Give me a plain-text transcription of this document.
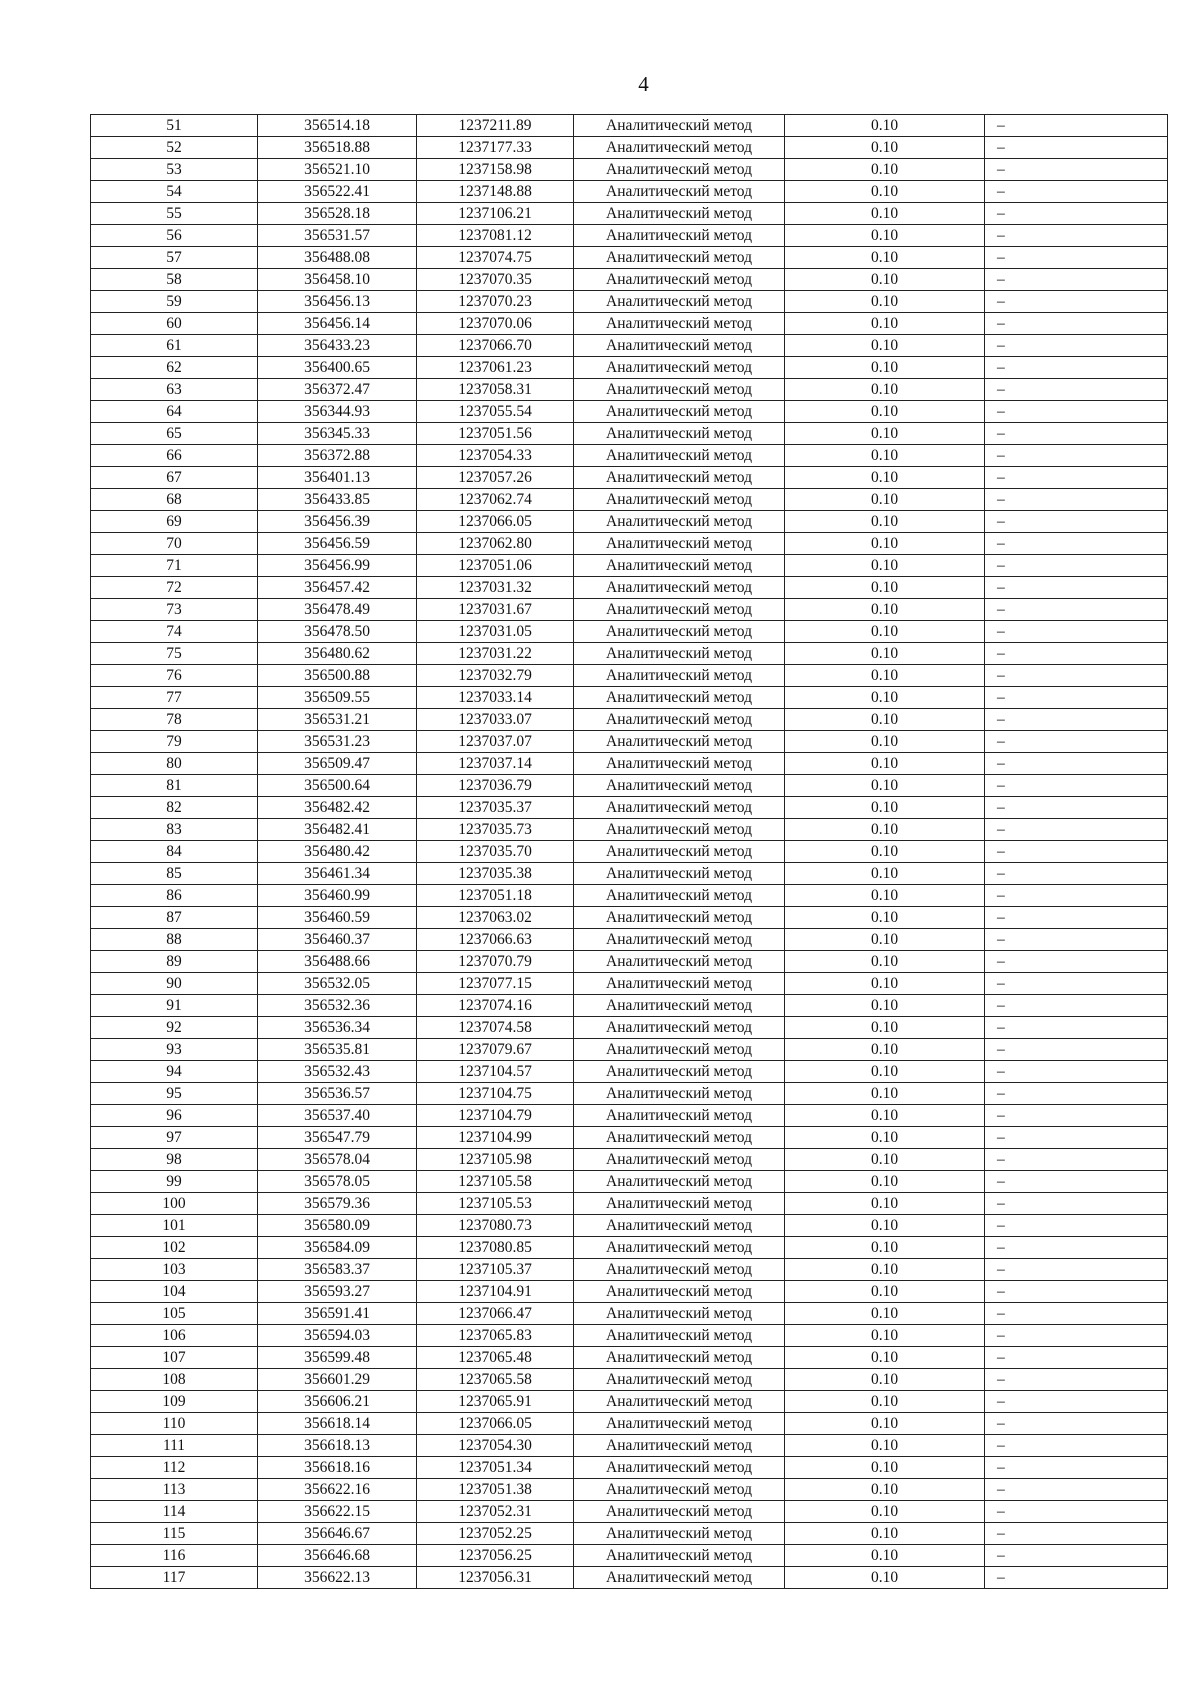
4
51	356514.18	1237211.89	Аналитический метод	0.10	–
52	356518.88	1237177.33	Аналитический метод	0.10	–
53	356521.10	1237158.98	Аналитический метод	0.10	–
54	356522.41	1237148.88	Аналитический метод	0.10	–
55	356528.18	1237106.21	Аналитический метод	0.10	–
56	356531.57	1237081.12	Аналитический метод	0.10	–
57	356488.08	1237074.75	Аналитический метод	0.10	–
58	356458.10	1237070.35	Аналитический метод	0.10	–
59	356456.13	1237070.23	Аналитический метод	0.10	–
60	356456.14	1237070.06	Аналитический метод	0.10	–
61	356433.23	1237066.70	Аналитический метод	0.10	–
62	356400.65	1237061.23	Аналитический метод	0.10	–
63	356372.47	1237058.31	Аналитический метод	0.10	–
64	356344.93	1237055.54	Аналитический метод	0.10	–
65	356345.33	1237051.56	Аналитический метод	0.10	–
66	356372.88	1237054.33	Аналитический метод	0.10	–
67	356401.13	1237057.26	Аналитический метод	0.10	–
68	356433.85	1237062.74	Аналитический метод	0.10	–
69	356456.39	1237066.05	Аналитический метод	0.10	–
70	356456.59	1237062.80	Аналитический метод	0.10	–
71	356456.99	1237051.06	Аналитический метод	0.10	–
72	356457.42	1237031.32	Аналитический метод	0.10	–
73	356478.49	1237031.67	Аналитический метод	0.10	–
74	356478.50	1237031.05	Аналитический метод	0.10	–
75	356480.62	1237031.22	Аналитический метод	0.10	–
76	356500.88	1237032.79	Аналитический метод	0.10	–
77	356509.55	1237033.14	Аналитический метод	0.10	–
78	356531.21	1237033.07	Аналитический метод	0.10	–
79	356531.23	1237037.07	Аналитический метод	0.10	–
80	356509.47	1237037.14	Аналитический метод	0.10	–
81	356500.64	1237036.79	Аналитический метод	0.10	–
82	356482.42	1237035.37	Аналитический метод	0.10	–
83	356482.41	1237035.73	Аналитический метод	0.10	–
84	356480.42	1237035.70	Аналитический метод	0.10	–
85	356461.34	1237035.38	Аналитический метод	0.10	–
86	356460.99	1237051.18	Аналитический метод	0.10	–
87	356460.59	1237063.02	Аналитический метод	0.10	–
88	356460.37	1237066.63	Аналитический метод	0.10	–
89	356488.66	1237070.79	Аналитический метод	0.10	–
90	356532.05	1237077.15	Аналитический метод	0.10	–
91	356532.36	1237074.16	Аналитический метод	0.10	–
92	356536.34	1237074.58	Аналитический метод	0.10	–
93	356535.81	1237079.67	Аналитический метод	0.10	–
94	356532.43	1237104.57	Аналитический метод	0.10	–
95	356536.57	1237104.75	Аналитический метод	0.10	–
96	356537.40	1237104.79	Аналитический метод	0.10	–
97	356547.79	1237104.99	Аналитический метод	0.10	–
98	356578.04	1237105.98	Аналитический метод	0.10	–
99	356578.05	1237105.58	Аналитический метод	0.10	–
100	356579.36	1237105.53	Аналитический метод	0.10	–
101	356580.09	1237080.73	Аналитический метод	0.10	–
102	356584.09	1237080.85	Аналитический метод	0.10	–
103	356583.37	1237105.37	Аналитический метод	0.10	–
104	356593.27	1237104.91	Аналитический метод	0.10	–
105	356591.41	1237066.47	Аналитический метод	0.10	–
106	356594.03	1237065.83	Аналитический метод	0.10	–
107	356599.48	1237065.48	Аналитический метод	0.10	–
108	356601.29	1237065.58	Аналитический метод	0.10	–
109	356606.21	1237065.91	Аналитический метод	0.10	–
110	356618.14	1237066.05	Аналитический метод	0.10	–
111	356618.13	1237054.30	Аналитический метод	0.10	–
112	356618.16	1237051.34	Аналитический метод	0.10	–
113	356622.16	1237051.38	Аналитический метод	0.10	–
114	356622.15	1237052.31	Аналитический метод	0.10	–
115	356646.67	1237052.25	Аналитический метод	0.10	–
116	356646.68	1237056.25	Аналитический метод	0.10	–
117	356622.13	1237056.31	Аналитический метод	0.10	–
